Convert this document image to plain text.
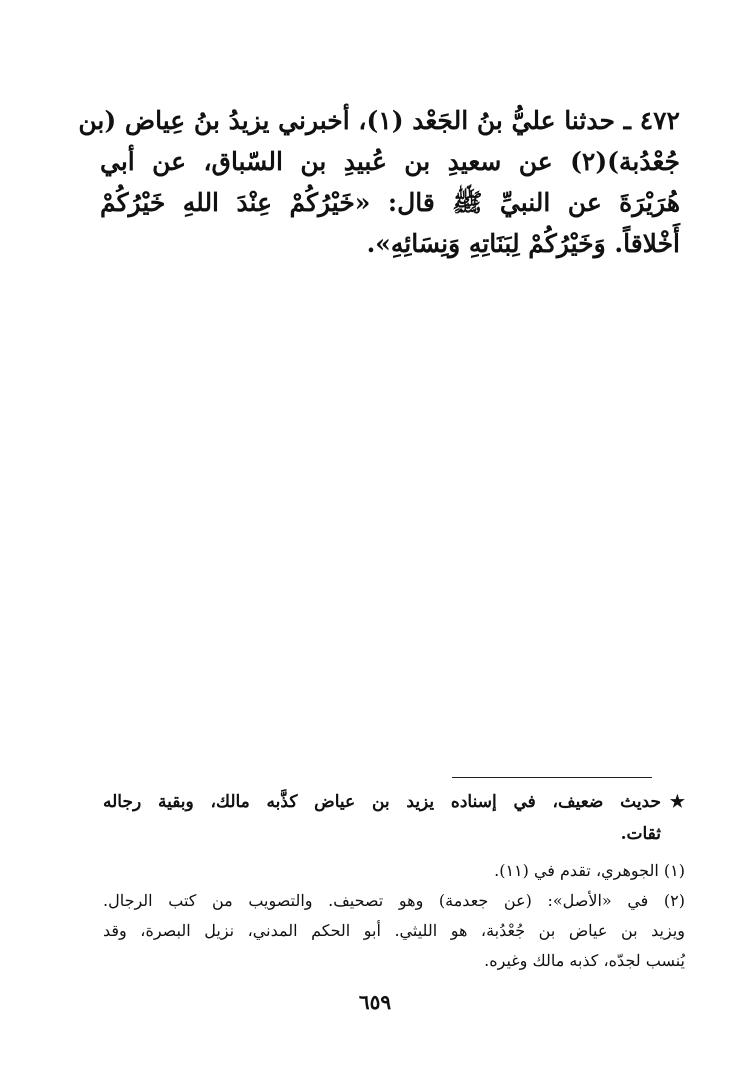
٤٧٢ ـ حدثنا عليُّ بنُ الجَعْد (١)، أخبرني يزيدُ بنُ عِياض (بن
جُعْدُبة)(٢) عن سعيدِ بن عُبيدِ بن السّباق، عن أبي
هُرَيْرَةَ عن النبيِّ ﷺ قال: «خَيْرُكُمْ عِنْدَ اللهِ خَيْرُكُمْ
أَخْلاقاً. وَخَيْرُكُمْ لِبَنَاتِهِ وَنِسَائِهِ».
★حديث ضعيف، في إسناده يزيد بن عياض كذَّبه مالك، وبقية رجاله
ثقات.
(١) الجوهري، تقدم في (١١).
(٢) في «الأصل»: (عن جعدمة) وهو تصحيف. والتصويب من كتب الرجال.
ويزيد بن عياض بن جُعْدُبة، هو الليثي. أبو الحكم المدني، نزيل البصرة، وقد
يُنسب لجدّه، كذبه مالك وغيره.
٦٥٩
